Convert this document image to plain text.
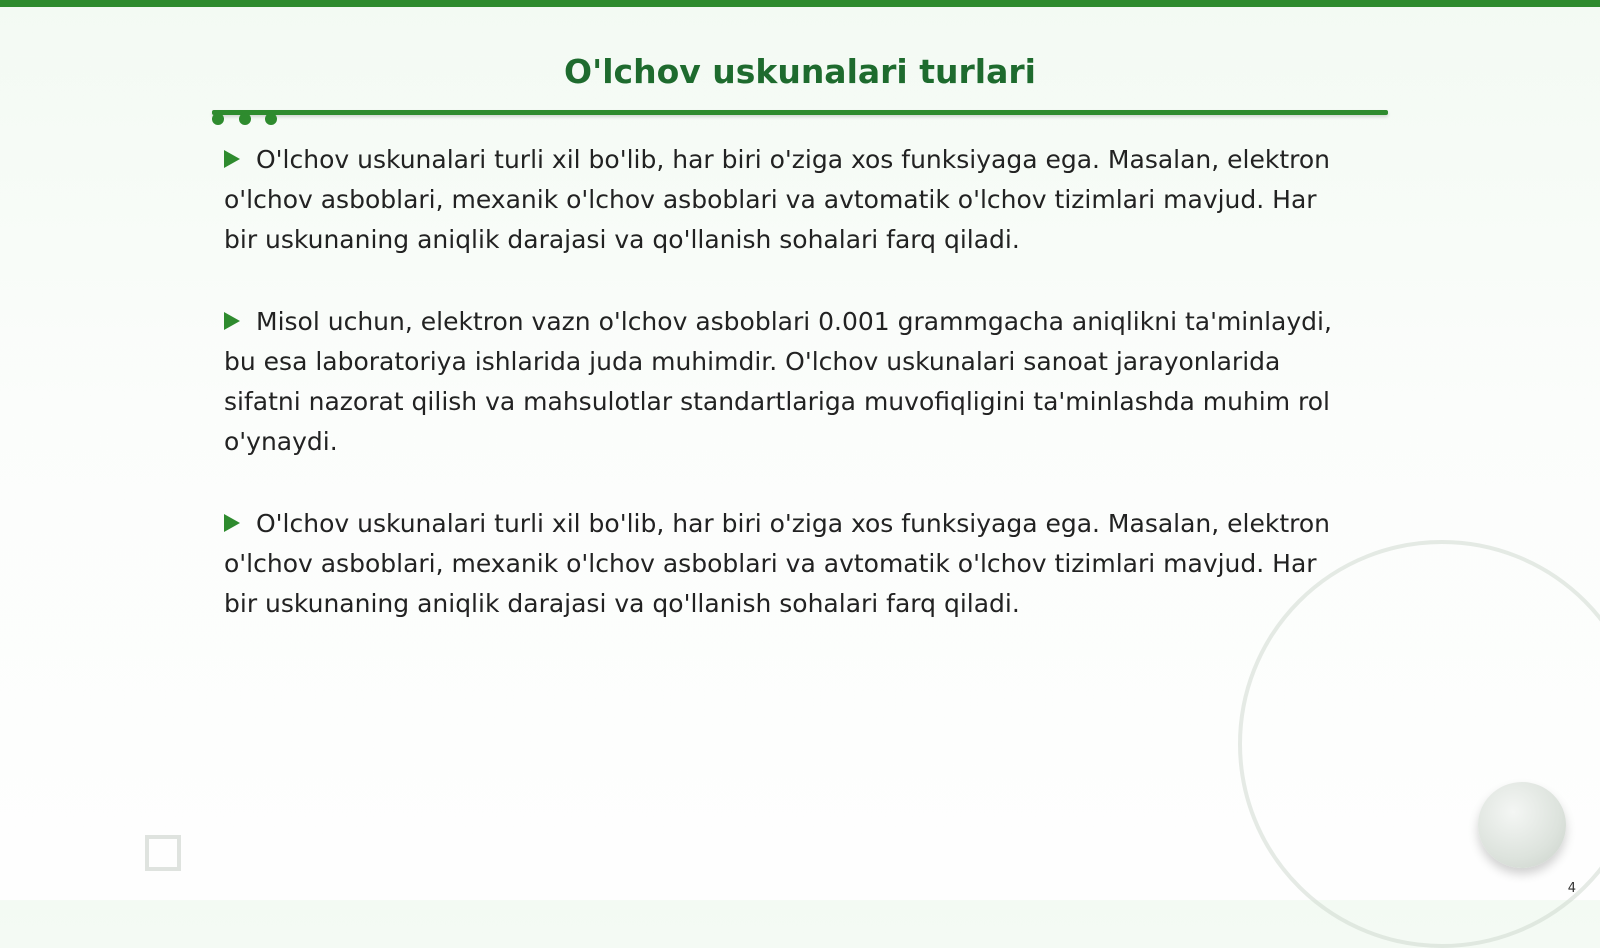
O'lchov uskunalari turlari

O'lchov uskunalari turli xil bo'lib, har biri o'ziga xos funksiyaga ega. Masalan, elektron o'lchov asboblari, mexanik o'lchov asboblari va avtomatik o'lchov tizimlari mavjud. Har bir uskunaning aniqlik darajasi va qo'llanish sohalari farq qiladi.

Misol uchun, elektron vazn o'lchov asboblari 0.001 grammgacha aniqlikni ta'minlaydi, bu esa laboratoriya ishlarida juda muhimdir. O'lchov uskunalari sanoat jarayonlarida sifatni nazorat qilish va mahsulotlar standartlariga muvofiqligini ta'minlashda muhim rol o'ynaydi.

O'lchov uskunalari turli xil bo'lib, har biri o'ziga xos funksiyaga ega. Masalan, elektron o'lchov asboblari, mexanik o'lchov asboblari va avtomatik o'lchov tizimlari mavjud. Har bir uskunaning aniqlik darajasi va qo'llanish sohalari farq qiladi.

4
